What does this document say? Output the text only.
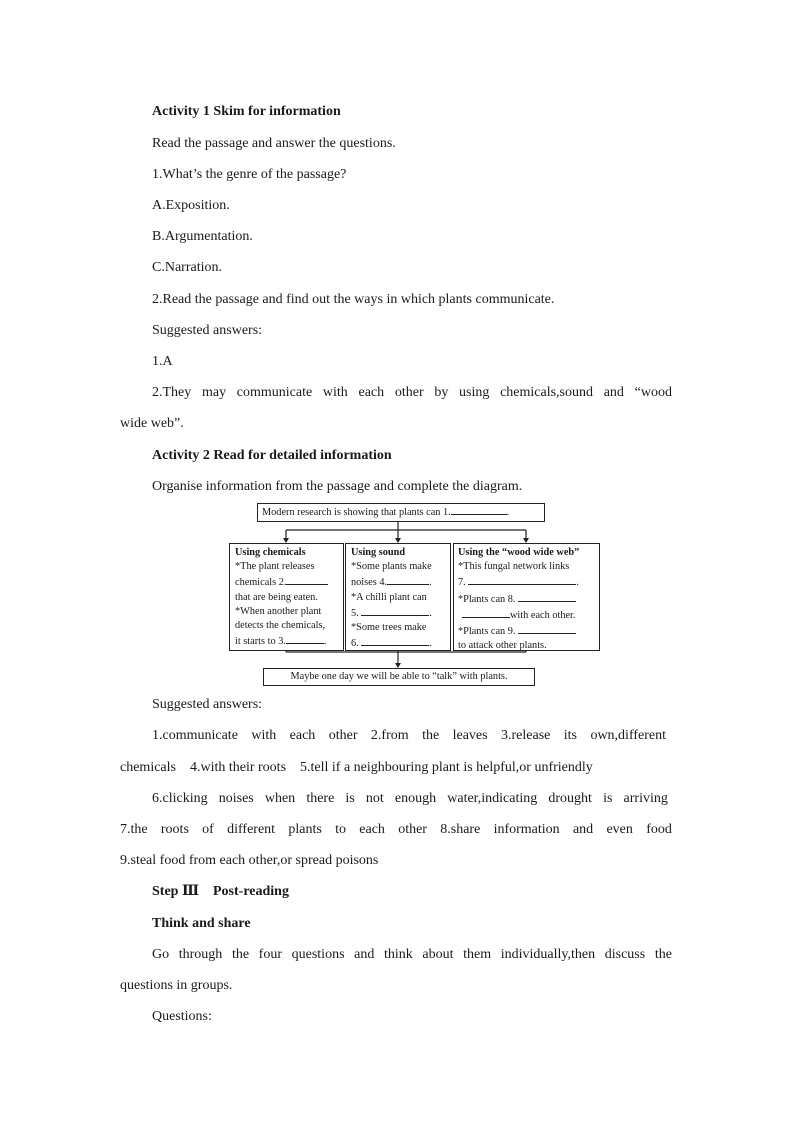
Activity 1 Skim for information
Read the passage and answer the questions.
1.What’s the genre of the passage?
A.Exposition.
B.Argumentation.
C.Narration.
2.Read the passage and find out the ways in which plants communicate.
Suggested answers:
1.A
2.They may communicate with each other by using chemicals,sound and “wood
wide web”.
Activity 2 Read for detailed information
Organise information from the passage and complete the diagram.
Modern research is showing that plants can 1.	.
Using chemicals
*The plant releases
chemicals 2.
that are being eaten.
*When another plant
detects the chemicals,
it starts to 3.	.
Using sound
*Some plants make
noises 4.	.
*A chilli plant can
5.	.
*Some trees make
6.	.
Using the “wood wide web”
*This fungal network links
7.	.
*Plants can 8.
with each other.
*Plants can 9.
to attack other plants.
Maybe one day we will be able to “talk” with plants.
Suggested answers:
1.communicate with each other 2.from the leaves 3.release its own,different
chemicals    4.with their roots    5.tell if a neighbouring plant is helpful,or unfriendly
6.clicking noises when there is not enough water,indicating drought is arriving
7.the roots of different plants to each other 8.share information and even food
9.steal food from each other,or spread poisons
Step Ⅲ    Post-reading
Think and share
Go through the four questions and think about them individually,then discuss the
questions in groups.
Questions:
